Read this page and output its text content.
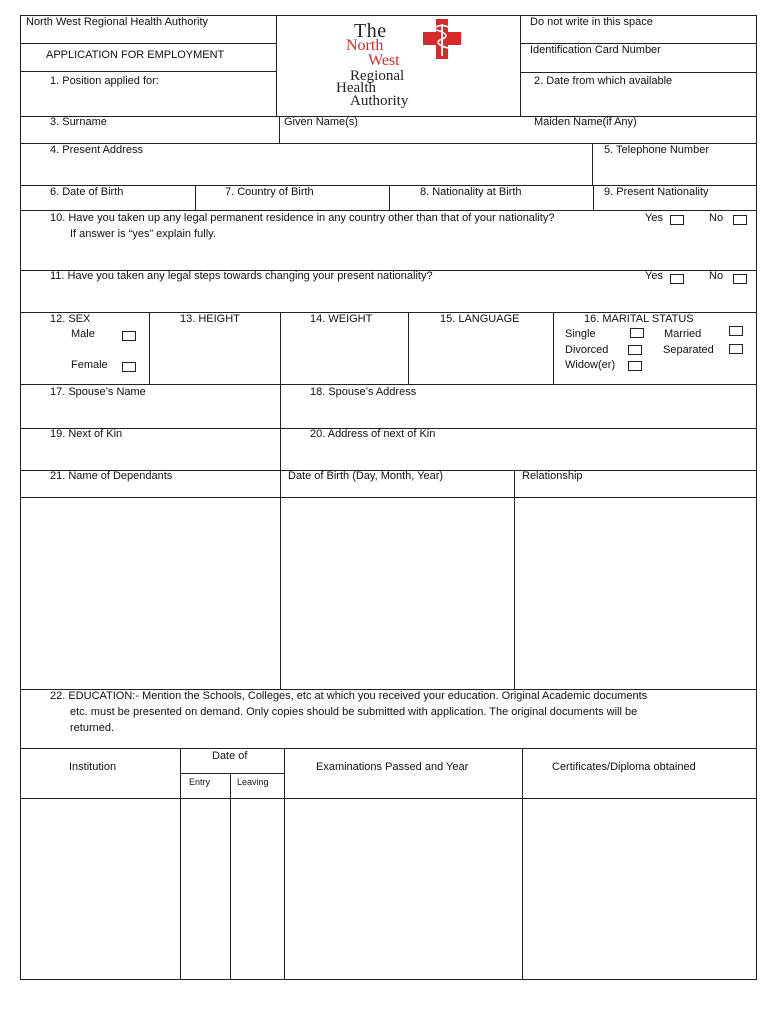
North West Regional Health Authority
APPLICATION FOR EMPLOYMENT
1. Position applied for:
The
North
West
Regional
Health
Authority
Do not write in this space
Identification Card Number
2. Date from which available
3. Surname	Given Name(s)	Maiden Name(if Any)
4. Present Address	5. Telephone Number
6. Date of Birth	7. Country of Birth	8. Nationality at Birth	9. Present Nationality
10. Have you taken up any legal permanent residence in any country other than that of your nationality?	Yes	No
If answer is “yes” explain fully.
11. Have you taken any legal steps towards changing your present nationality?	Yes	No
12. SEX
Male
Female
13. HEIGHT	14. WEIGHT	15. LANGUAGE	16. MARITAL STATUS
Single	Married
Divorced	Separated
Widow(er)
17. Spouse’s Name	18. Spouse’s Address
19. Next of Kin	20. Address of next of Kin
21. Name of Dependants	Date of Birth (Day, Month, Year)	Relationship
22. EDUCATION:- Mention the Schools, Colleges, etc at which you received your education. Original Academic documents
etc. must be presented on demand. Only copies should be submitted with application. The original documents will be
returned.
Institution
Date of
Entry	Leaving
Examinations Passed and Year	Certificates/Diploma obtained
